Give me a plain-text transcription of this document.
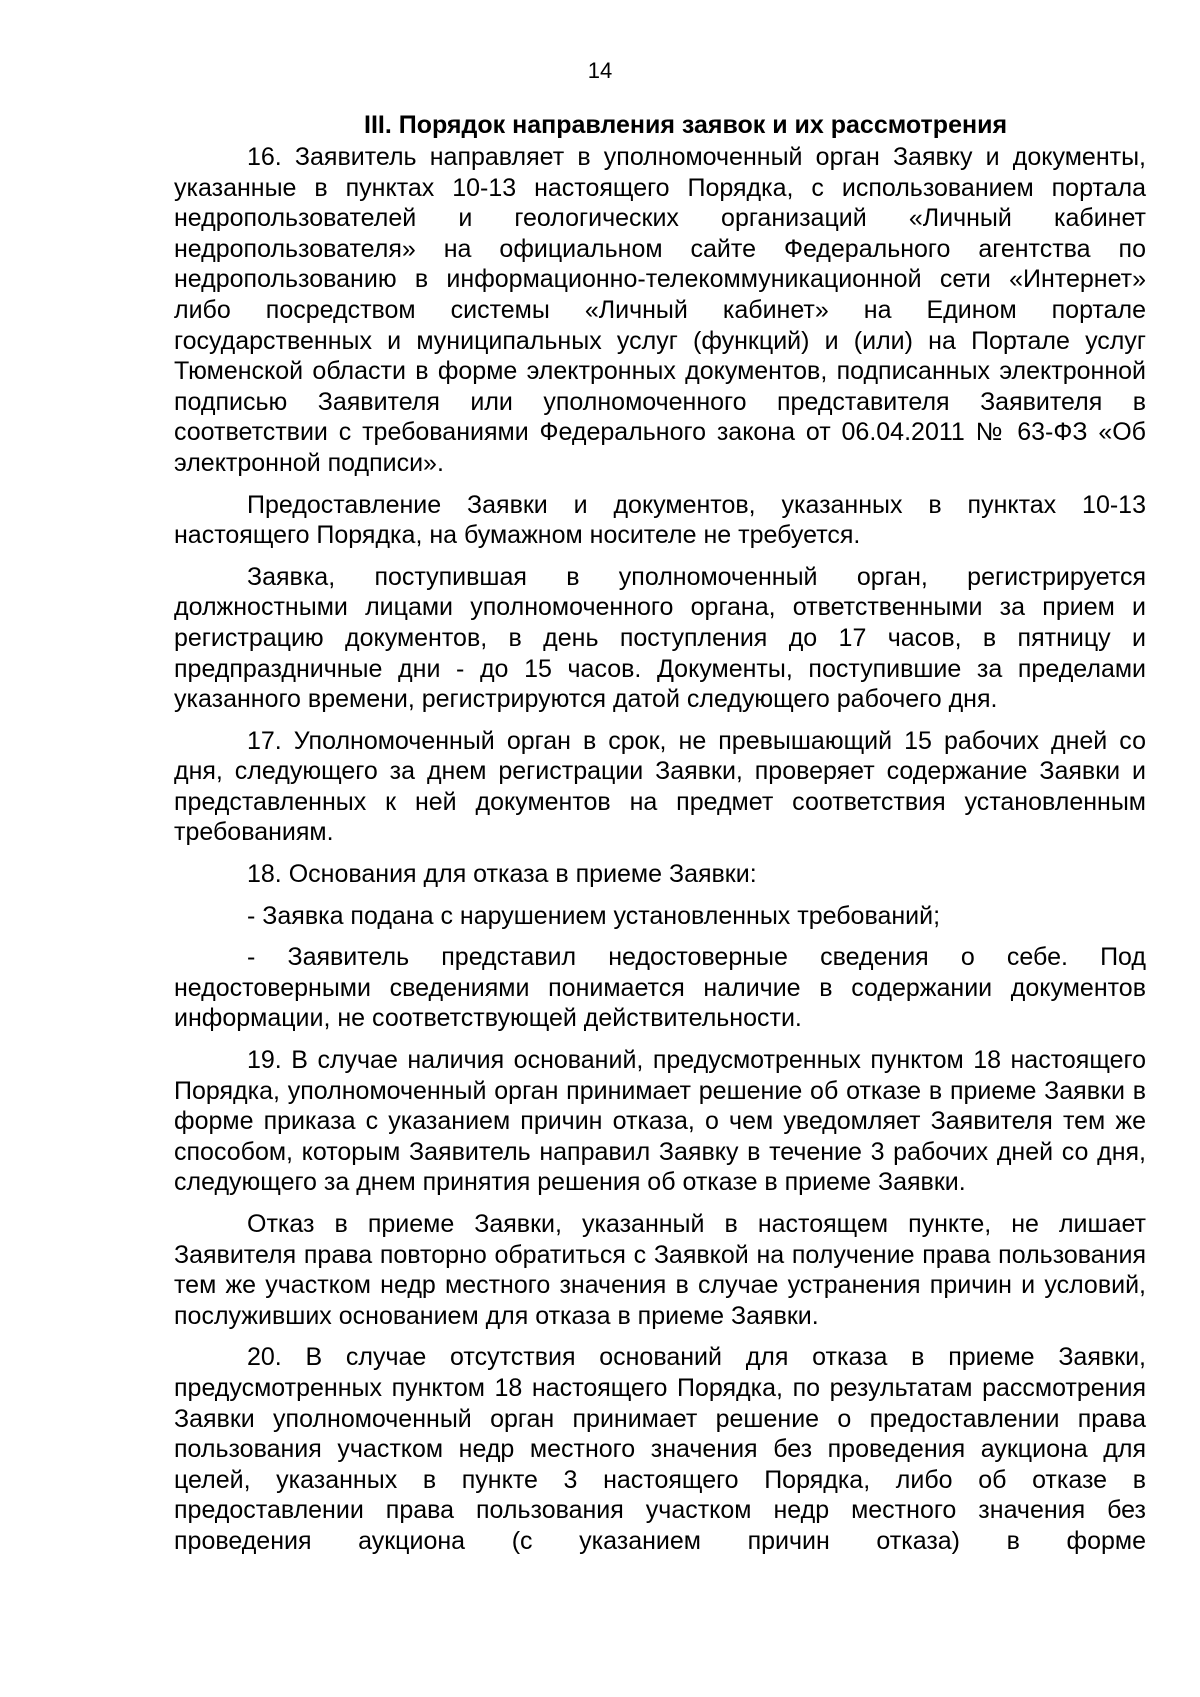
14
III. Порядок направления заявок и их рассмотрения

16. Заявитель направляет в уполномоченный орган Заявку и документы, указанные в пунктах 10-13 настоящего Порядка, с использованием портала недропользователей и геологических организаций «Личный кабинет недропользователя» на официальном сайте Федерального агентства по недропользованию в информационно-телекоммуникационной сети «Интернет» либо посредством системы «Личный кабинет» на Едином портале государственных и муниципальных услуг (функций) и (или) на Портале услуг Тюменской области в форме электронных документов, подписанных электронной подписью Заявителя или уполномоченного представителя Заявителя в соответствии с требованиями Федерального закона от 06.04.2011 № 63-ФЗ «Об электронной подписи».

Предоставление Заявки и документов, указанных в пунктах 10-13 настоящего Порядка, на бумажном носителе не требуется.

Заявка, поступившая в уполномоченный орган, регистрируется должностными лицами уполномоченного органа, ответственными за прием и регистрацию документов, в день поступления до 17 часов, в пятницу и предпраздничные дни - до 15 часов. Документы, поступившие за пределами указанного времени, регистрируются датой следующего рабочего дня.

17. Уполномоченный орган в срок, не превышающий 15 рабочих дней со дня, следующего за днем регистрации Заявки, проверяет содержание Заявки и представленных к ней документов на предмет соответствия установленным требованиям.

18. Основания для отказа в приеме Заявки:

- Заявка подана с нарушением установленных требований;

- Заявитель представил недостоверные сведения о себе. Под недостоверными сведениями понимается наличие в содержании документов информации, не соответствующей действительности.

19. В случае наличия оснований, предусмотренных пунктом 18 настоящего Порядка, уполномоченный орган принимает решение об отказе в приеме Заявки в форме приказа с указанием причин отказа, о чем уведомляет Заявителя тем же способом, которым Заявитель направил Заявку в течение 3 рабочих дней со дня, следующего за днем принятия решения об отказе в приеме Заявки.

Отказ в приеме Заявки, указанный в настоящем пункте, не лишает Заявителя права повторно обратиться с Заявкой на получение права пользования тем же участком недр местного значения в случае устранения причин и условий, послуживших основанием для отказа в приеме Заявки.

20. В случае отсутствия оснований для отказа в приеме Заявки, предусмотренных пунктом 18 настоящего Порядка, по результатам рассмотрения Заявки уполномоченный орган принимает решение о предоставлении права пользования участком недр местного значения без проведения аукциона для целей, указанных в пункте 3 настоящего Порядка, либо об отказе в предоставлении права пользования участком недр местного значения без проведения аукциона (с указанием причин отказа) в форме
